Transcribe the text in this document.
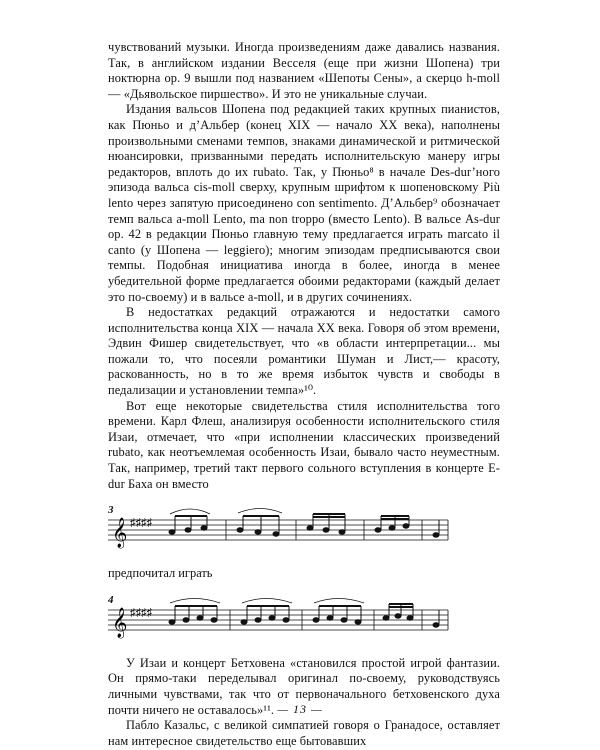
чувствований музыки. Иногда произведениям даже давались названия. Так, в английском издании Весселя (еще при жизни Шопена) три ноктюрна ор. 9 вышли под названием «Шепоты Сены», а скерцо h-moll — «Дьявольское пиршество». И это не уникальные случаи.

Издания вальсов Шопена под редакцией таких крупных пианистов, как Пюньо и д’Альбер (конец XIX — начало XX века), наполнены произвольными сменами темпов, знаками динамической и ритмической нюансировки, призванными передать исполнительскую манеру игры редакторов, вплоть до их rubato. Так, у Пюньо⁸ в начале Des-dur’ного эпизода вальса cis-moll сверху, крупным шрифтом к шопеновскому Più lento через запятую присоединено con sentimento. Д’Альбер⁹ обозначает темп вальса a-moll Lento, ma non troppo (вместо Lento). В вальсе As-dur ор. 42 в редакции Пюньо главную тему предлагается играть marcato il canto (у Шопена — leggiero); многим эпизодам предписываются свои темпы. Подобная инициатива иногда в более, иногда в менее убедительной форме предлагается обоими редакторами (каждый делает это по-своему) и в вальсе a-moll, и в других сочинениях.

В недостатках редакций отражаются и недостатки самого исполнительства конца XIX — начала XX века. Говоря об этом времени, Эдвин Фишер свидетельствует, что «в области интерпретации... мы пожали то, что посеяли романтики Шуман и Лист,— красоту, раскованность, но в то же время избыток чувств и свободы в педализации и установлении темпа»¹⁰.

Вот еще некоторые свидетельства стиля исполнительства того времени. Карл Флеш, анализируя особенности исполнительского стиля Изаи, отмечает, что «при исполнении классических произведений rubato, как неотъемлемая особенность Изаи, бывало часто неуместным. Так, например, третий такт первого сольного вступления в концерте E-dur Баха он вместо

3
𝄞 ♯♯♯♯

предпочитал играть

4
𝄞 ♯♯♯♯

У Изаи и концерт Бетховена «становился простой игрой фантазии. Он прямо-таки переделывал оригинал по-своему, руководствуясь личными чувствами, так что от первоначального бетховенского духа почти ничего не оставалось»¹¹.

Пабло Казальс, с великой симпатией говоря о Гранадосе, оставляет нам интересное свидетельство еще бытовавших

— 13 —
